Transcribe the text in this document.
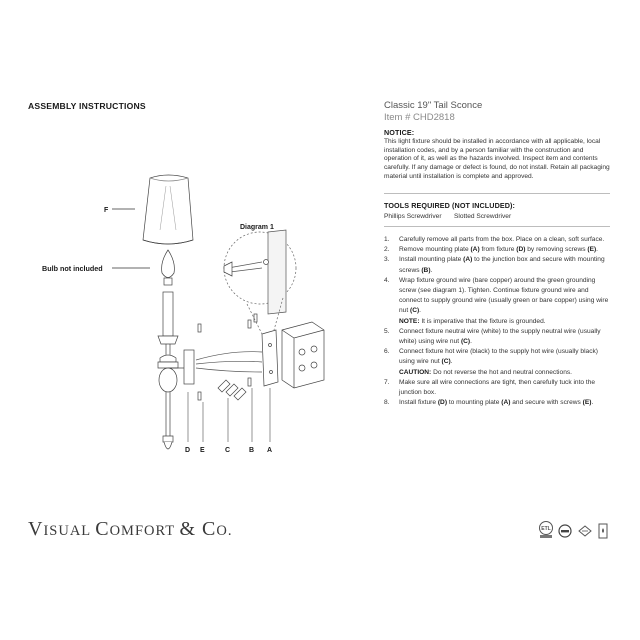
ASSEMBLY INSTRUCTIONS	Classic 19" Tail Sconce
Item # CHD2818
NOTICE:
This light fixture should be installed in accordance with all applicable, local installation codes, and by a person familiar with the construction and operation of it, as well as the hazards involved. Inspect item and contents carefully. If any damage or defect is found, do not install. Retain all packaging material until installation is complete and approved.
TOOLS REQUIRED (NOT INCLUDED):
Phillips Screwdriver Slotted Screwdriver
1. Carefully remove all parts from the box. Place on a clean, soft surface.
2. Remove mounting plate (A) from fixture (D) by removing screws (E).
3. Install mounting plate (A) to the junction box and secure with mounting screws (B).
4. Wrap fixture ground wire (bare copper) around the green grounding screw (see diagram 1). Tighten. Continue fixture ground wire and connect to supply ground wire (usually green or bare copper) using wire nut (C).
NOTE: It is imperative that the fixture is grounded.
5. Connect fixture neutral wire (white) to the supply neutral wire (usually white) using wire nut (C).
6. Connect fixture hot wire (black) to the supply hot wire (usually black) using wire nut (C).
CAUTION: Do not reverse the hot and neutral connections.
7. Make sure all wire connections are tight, then carefully tuck into the junction box.
8. Install fixture (D) to mounting plate (A) and secure with screws (E).
F
Bulb not included
Diagram 1
D E	C	B A
VISUAL COMFORT & CO.	ETL
